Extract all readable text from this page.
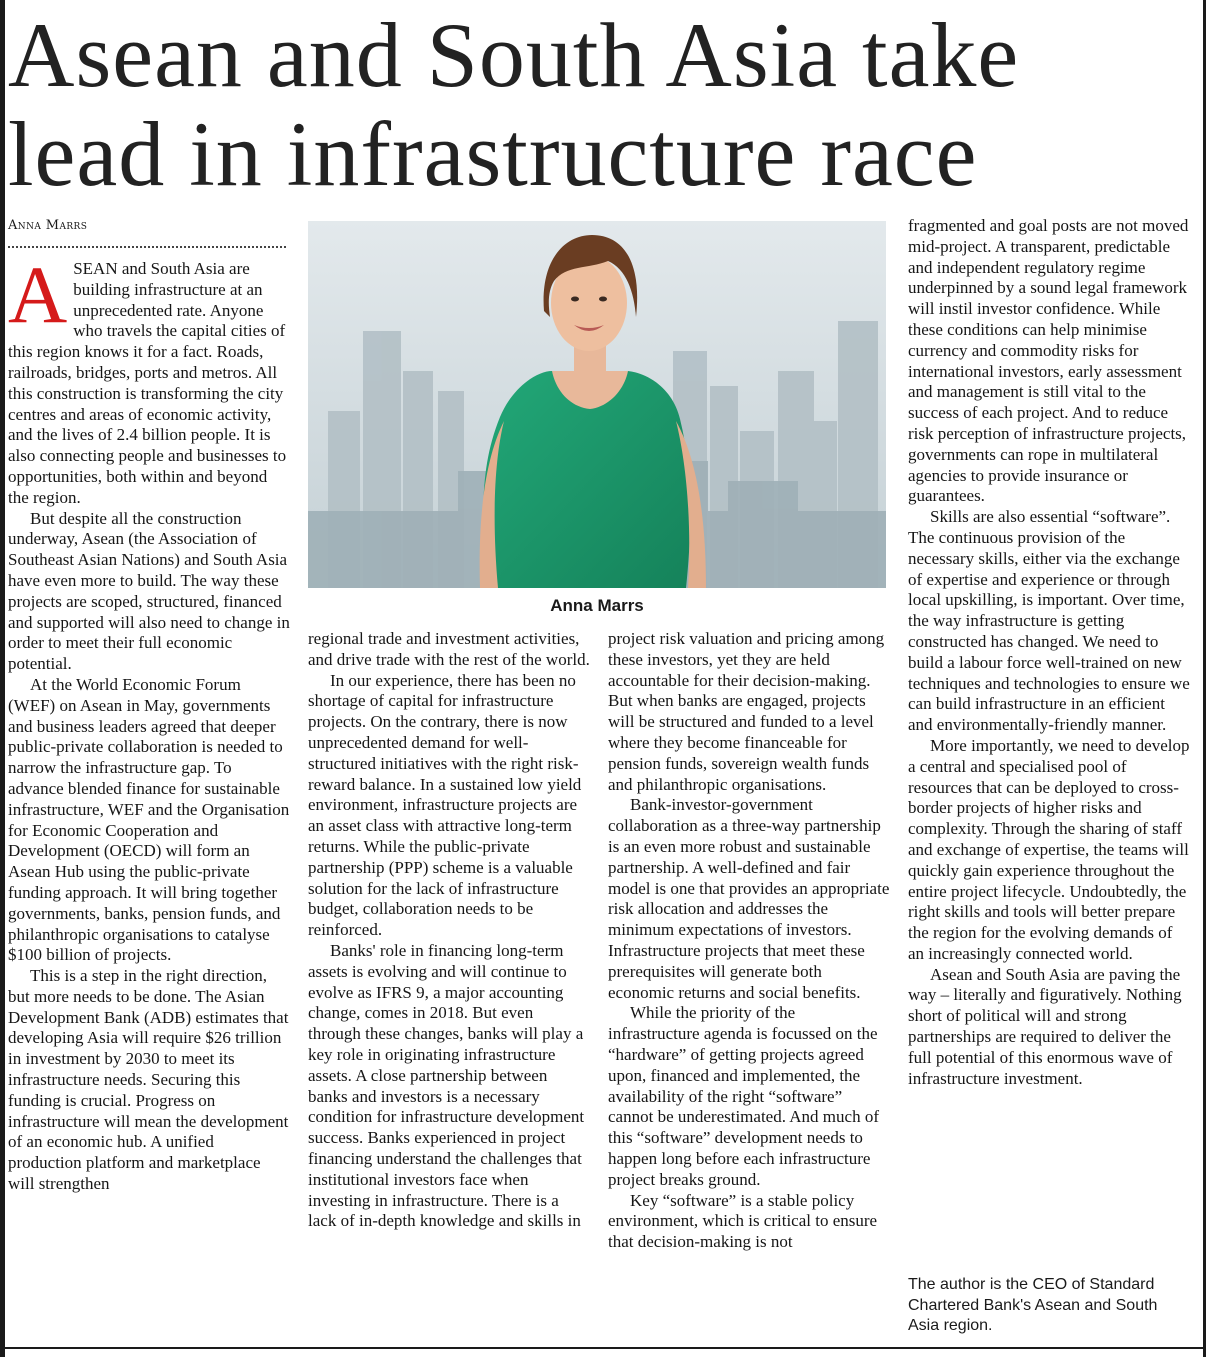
Asean and South Asia take
lead in infrastructure race
Anna Marrs
A SEAN and South Asia are building infrastructure at an unprecedented rate. Anyone who travels the capital cities of this region knows it for a fact. Roads, railroads, bridges, ports and metros. All this construction is transforming the city centres and areas of economic activity, and the lives of 2.4 billion people. It is also connecting people and businesses to opportunities, both within and beyond the region.

But despite all the construction underway, Asean (the Association of Southeast Asian Nations) and South Asia have even more to build. The way these projects are scoped, structured, financed and supported will also need to change in order to meet their full economic potential.

At the World Economic Forum (WEF) on Asean in May, governments and business leaders agreed that deeper public-private collaboration is needed to narrow the infrastructure gap. To advance blended finance for sustainable infrastructure, WEF and the Organisation for Economic Cooperation and Development (OECD) will form an Asean Hub using the public-private funding approach. It will bring together governments, banks, pension funds, and philanthropic organisations to catalyse $100 billion of projects.

This is a step in the right direction, but more needs to be done. The Asian Development Bank (ADB) estimates that developing Asia will require $26 trillion in investment by 2030 to meet its infrastructure needs. Securing this funding is crucial. Progress on infrastructure will mean the development of an economic hub. A unified production platform and marketplace will strengthen

Anna Marrs

regional trade and investment activities, and drive trade with the rest of the world.

In our experience, there has been no shortage of capital for infrastructure projects. On the contrary, there is now unprecedented demand for well-structured initiatives with the right risk-reward balance. In a sustained low yield environment, infrastructure projects are an asset class with attractive long-term returns. While the public-private partnership (PPP) scheme is a valuable solution for the lack of infrastructure budget, collaboration needs to be reinforced.

Banks' role in financing long-term assets is evolving and will continue to evolve as IFRS 9, a major accounting change, comes in 2018. But even through these changes, banks will play a key role in originating infrastructure assets. A close partnership between banks and investors is a necessary condition for infrastructure development success. Banks experienced in project financing understand the challenges that institutional investors face when investing in infrastructure. There is a lack of in-depth knowledge and skills in

project risk valuation and pricing among these investors, yet they are held accountable for their decision-making. But when banks are engaged, projects will be structured and funded to a level where they become financeable for pension funds, sovereign wealth funds and philanthropic organisations.

Bank-investor-government collaboration as a three-way partnership is an even more robust and sustainable partnership. A well-defined and fair model is one that provides an appropriate risk allocation and addresses the minimum expectations of investors. Infrastructure projects that meet these prerequisites will generate both economic returns and social benefits.

While the priority of the infrastructure agenda is focussed on the “hardware” of getting projects agreed upon, financed and implemented, the availability of the right “software” cannot be underestimated. And much of this “software” development needs to happen long before each infrastructure project breaks ground.

Key “software” is a stable policy environment, which is critical to ensure that decision-making is not

fragmented and goal posts are not moved mid-project. A transparent, predictable and independent regulatory regime underpinned by a sound legal framework will instil investor confidence. While these conditions can help minimise currency and commodity risks for international investors, early assessment and management is still vital to the success of each project. And to reduce risk perception of infrastructure projects, governments can rope in multilateral agencies to provide insurance or guarantees.

Skills are also essential “software”. The continuous provision of the necessary skills, either via the exchange of expertise and experience or through local upskilling, is important. Over time, the way infrastructure is getting constructed has changed. We need to build a labour force well-trained on new techniques and technologies to ensure we can build infrastructure in an efficient and environmentally-friendly manner.

More importantly, we need to develop a central and specialised pool of resources that can be deployed to cross-border projects of higher risks and complexity. Through the sharing of staff and exchange of expertise, the teams will quickly gain experience throughout the entire project lifecycle. Undoubtedly, the right skills and tools will better prepare the region for the evolving demands of an increasingly connected world.

Asean and South Asia are paving the way – literally and figuratively. Nothing short of political will and strong partnerships are required to deliver the full potential of this enormous wave of infrastructure investment.

The author is the CEO of Standard Chartered Bank's Asean and South Asia region.
